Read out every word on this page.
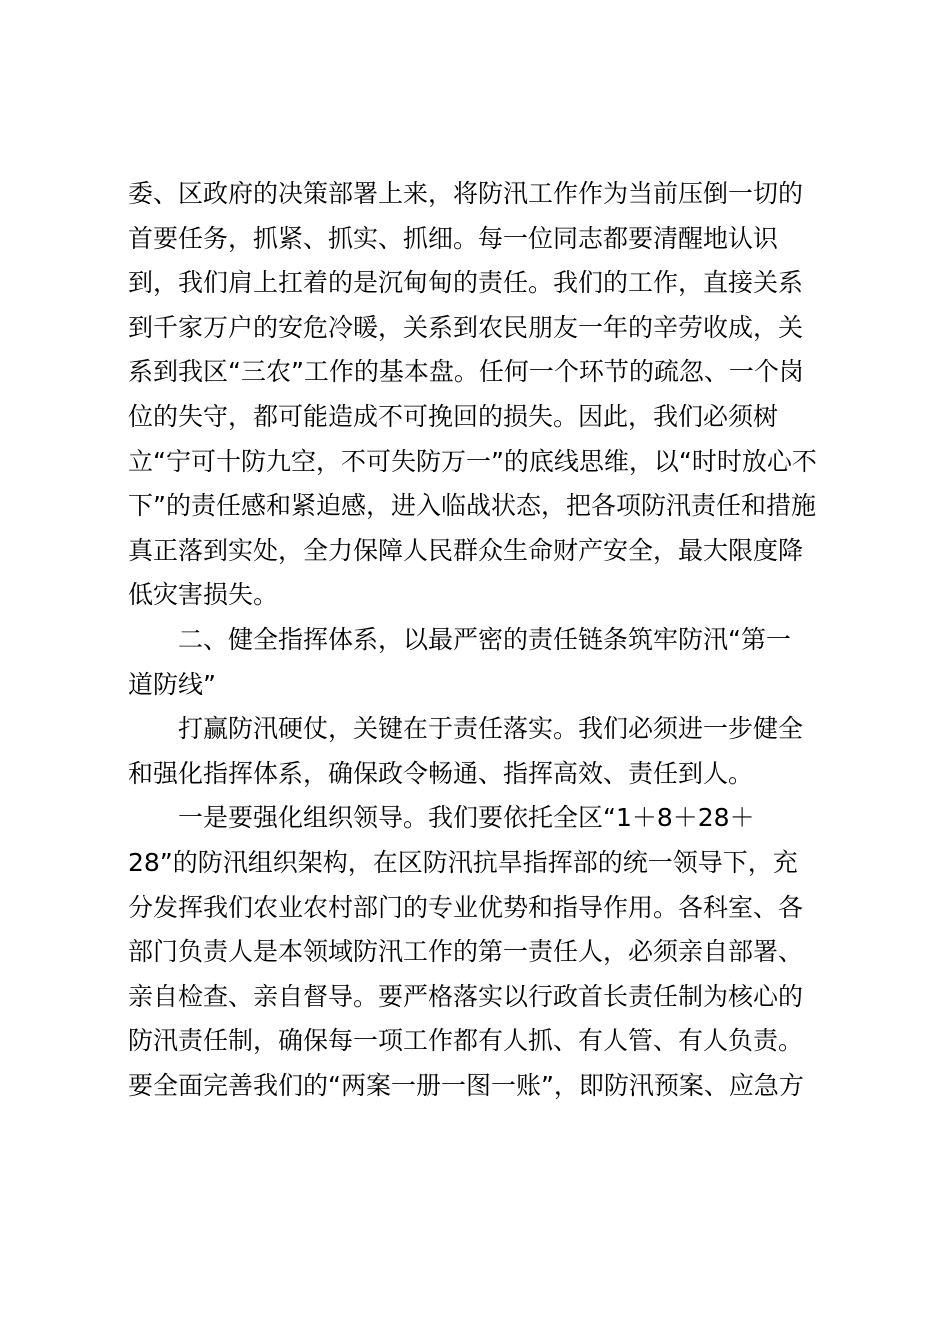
委、区政府的决策部署上来，将防汛工作作为当前压倒一切的
首要任务，抓紧、抓实、抓细。每一位同志都要清醒地认识
到，我们肩上扛着的是沉甸甸的责任。我们的工作，直接关系
到千家万户的安危冷暖，关系到农民朋友一年的辛劳收成，关
系到我区“三农”工作的基本盘。任何一个环节的疏忽、一个岗
位的失守，都可能造成不可挽回的损失。因此，我们必须树
立“宁可十防九空，不可失防万一”的底线思维，以“时时放心不
下”的责任感和紧迫感，进入临战状态，把各项防汛责任和措施
真正落到实处，全力保障人民群众生命财产安全，最大限度降
低灾害损失。
二、健全指挥体系，以最严密的责任链条筑牢防汛“第一
道防线”
打赢防汛硬仗，关键在于责任落实。我们必须进一步健全
和强化指挥体系，确保政令畅通、指挥高效、责任到人。
一是要强化组织领导。我们要依托全区“1＋8＋28＋
28”的防汛组织架构，在区防汛抗旱指挥部的统一领导下，充
分发挥我们农业农村部门的专业优势和指导作用。各科室、各
部门负责人是本领域防汛工作的第一责任人，必须亲自部署、
亲自检查、亲自督导。要严格落实以行政首长责任制为核心的
防汛责任制，确保每一项工作都有人抓、有人管、有人负责。
要全面完善我们的“两案一册一图一账”，即防汛预案、应急方
